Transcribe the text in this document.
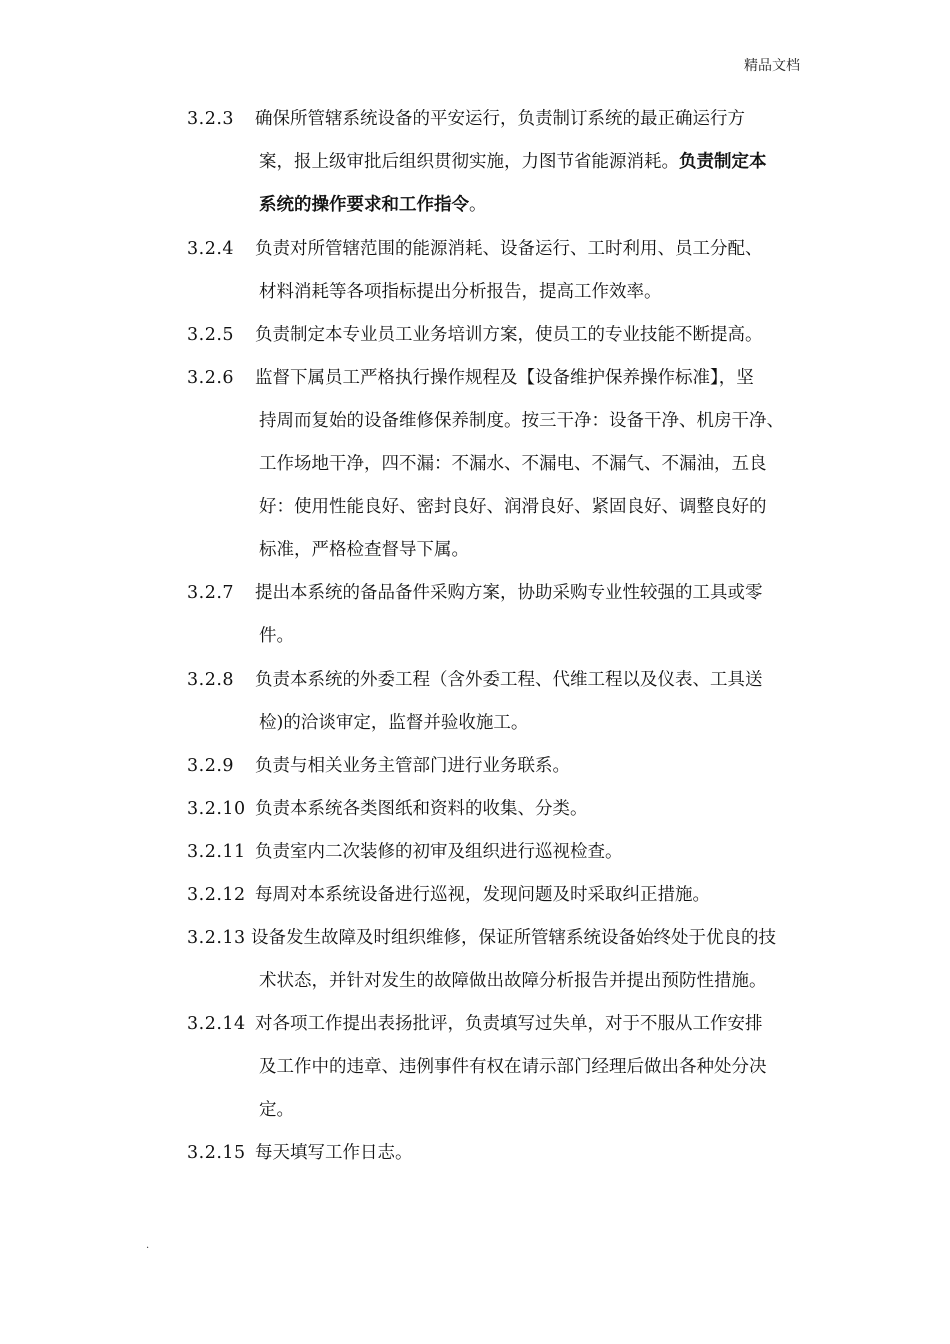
精品文档
3.2.3	确保所管辖系统设备的平安运行，负责制订系统的最正确运行方
案，报上级审批后组织贯彻实施，力图节省能源消耗。负责制定本
系统的操作要求和工作指令。
3.2.4	负责对所管辖范围的能源消耗、设备运行、工时利用、员工分配、
材料消耗等各项指标提出分析报告，提高工作效率。
3.2.5	负责制定本专业员工业务培训方案，使员工的专业技能不断提高。
3.2.6	监督下属员工严格执行操作规程及【设备维护保养操作标准】，坚
持周而复始的设备维修保养制度。按三干净：设备干净、机房干净、
工作场地干净，四不漏：不漏水、不漏电、不漏气、不漏油，五良
好：使用性能良好、密封良好、润滑良好、紧固良好、调整良好的
标准，严格检查督导下属。
3.2.7	提出本系统的备品备件采购方案，协助采购专业性较强的工具或零
件。
3.2.8	负责本系统的外委工程（含外委工程、代维工程以及仪表、工具送
检)的洽谈审定，监督并验收施工。
3.2.9	负责与相关业务主管部门进行业务联系。
3.2.10 负责本系统各类图纸和资料的收集、分类。
3.2.11 负责室内二次装修的初审及组织进行巡视检查。
3.2.12 每周对本系统设备进行巡视，发现问题及时采取纠正措施。
3.2.13 设备发生故障及时组织维修，保证所管辖系统设备始终处于优良的技
术状态，并针对发生的故障做出故障分析报告并提出预防性措施。
3.2.14 对各项工作提出表扬批评，负责填写过失单，对于不服从工作安排
及工作中的违章、违例事件有权在请示部门经理后做出各种处分决
定。
3.2.15 每天填写工作日志。
.
